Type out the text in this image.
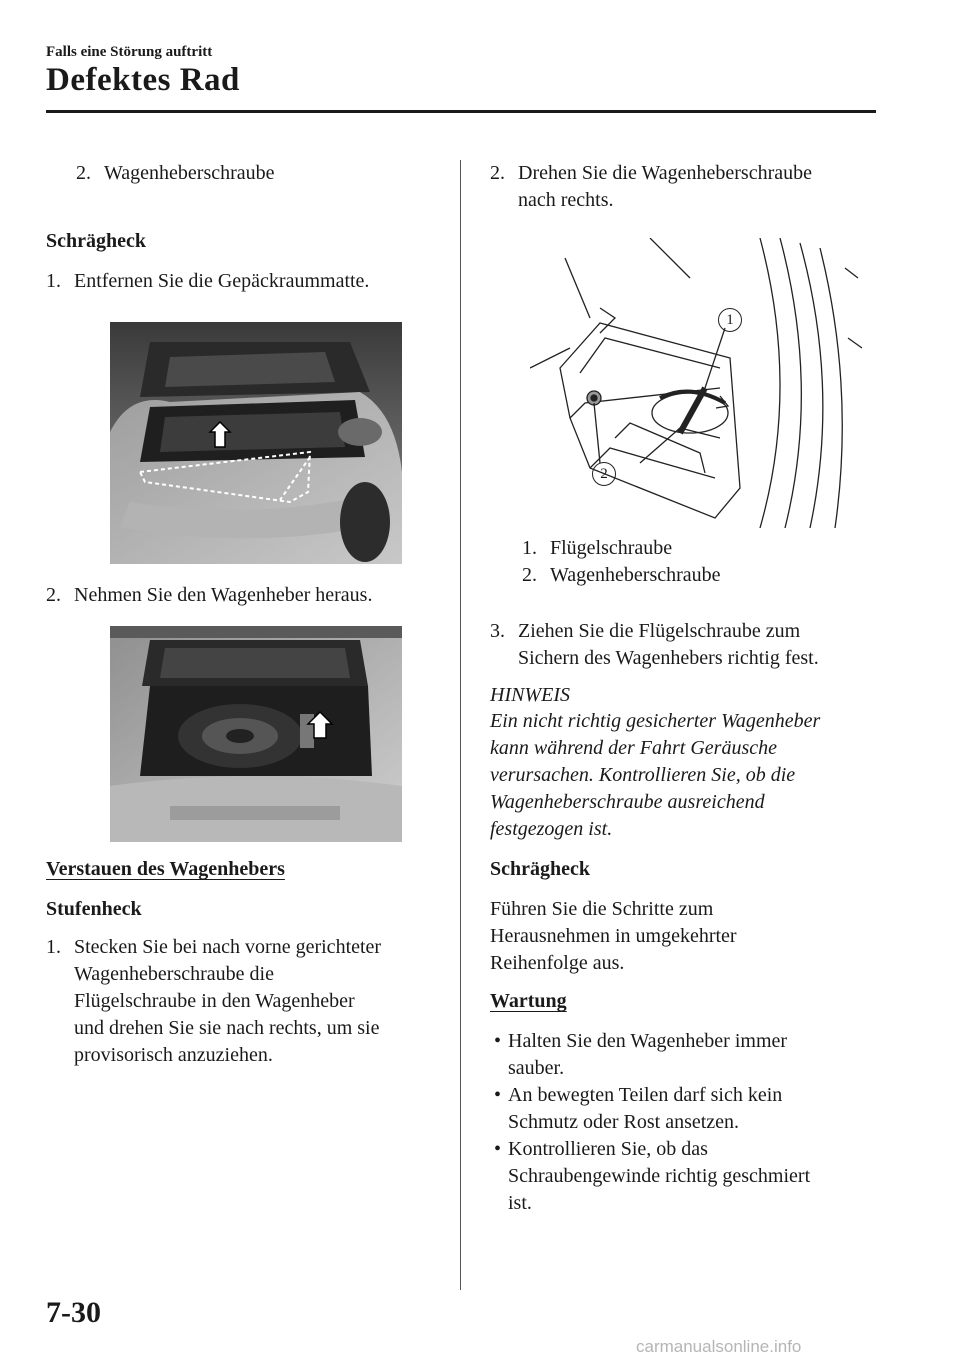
Falls eine Störung auftritt
Defektes Rad
2. Wagenheberschraube
Schrägheck
1. Entfernen Sie die Gepäckraummatte.
2. Nehmen Sie den Wagenheber heraus.
Verstauen des Wagenhebers
Stufenheck
1. Stecken Sie bei nach vorne gerichteter
Wagenheberschraube die
Flügelschraube in den Wagenheber
und drehen Sie sie nach rechts, um sie
provisorisch anzuziehen.
2. Drehen Sie die Wagenheberschraube
nach rechts.
1
2
1. Flügelschraube
2. Wagenheberschraube
3. Ziehen Sie die Flügelschraube zum
Sichern des Wagenhebers richtig fest.
HINWEIS
Ein nicht richtig gesicherter Wagenheber
kann während der Fahrt Geräusche
verursachen. Kontrollieren Sie, ob die
Wagenheberschraube ausreichend
festgezogen ist.
Schrägheck
Führen Sie die Schritte zum
Herausnehmen in umgekehrter
Reihenfolge aus.
Wartung
• Halten Sie den Wagenheber immer
sauber.
• An bewegten Teilen darf sich kein
Schmutz oder Rost ansetzen.
• Kontrollieren Sie, ob das
Schraubengewinde richtig geschmiert
ist.
7-30
carmanualsonline.info
